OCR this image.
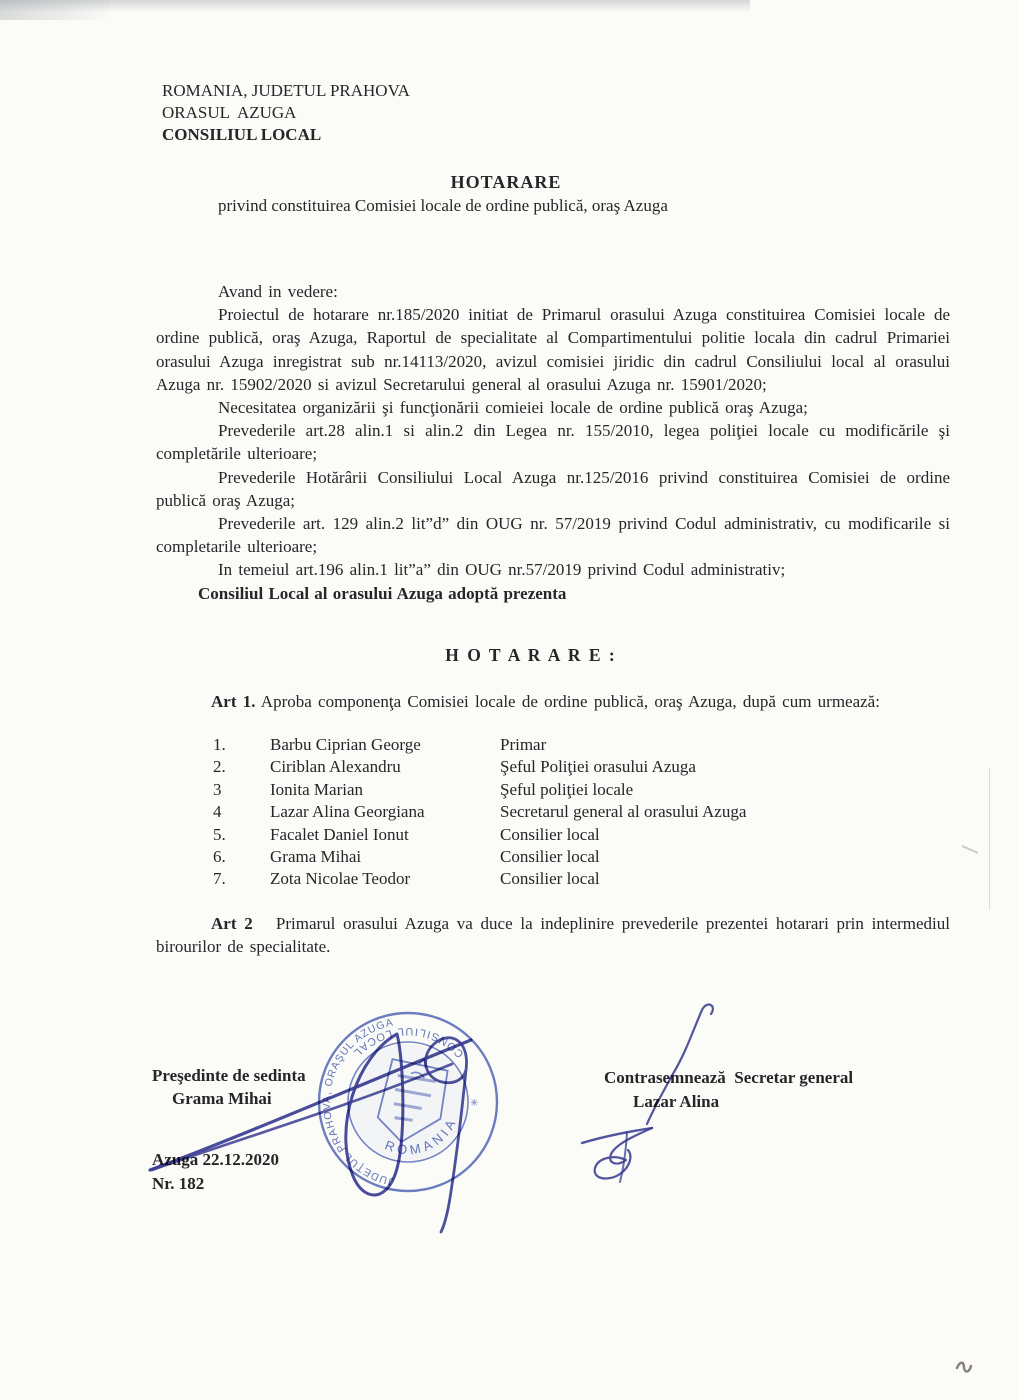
ROMANIA, JUDETUL PRAHOVA
ORASUL  AZUGA
CONSILIUL LOCAL
HOTARARE
privind constituirea Comisiei locale de ordine publică, oraş Azuga

Avand in vedere:

Proiectul de hotarare nr.185/2020 initiat de Primarul orasului Azuga constituirea Comisiei locale de ordine publică, oraş Azuga, Raportul de specialitate al Compartimentului politie locala din cadrul Primariei orasului Azuga inregistrat sub nr.14113/2020, avizul comisiei jiridic din cadrul Consiliului local al orasului Azuga nr. 15902/2020 si avizul Secretarului general al orasului Azuga nr. 15901/2020;

Necesitatea organizării şi funcţionării comieiei locale de ordine publică oraş Azuga;

Prevederile art.28 alin.1 si alin.2 din Legea nr. 155/2010, legea poliţiei locale cu modificările şi completările ulterioare;

Prevederile Hotărârii Consiliului Local Azuga nr.125/2016 privind constituirea Comisiei de ordine publică oraş Azuga;

Prevederile art. 129 alin.2 lit”d” din OUG nr. 57/2019 privind Codul administrativ, cu modificarile si completarile ulterioare;

In temeiul art.196 alin.1 lit”a” din OUG nr.57/2019 privind Codul administrativ;

Consiliul Local al orasului Azuga adoptă prezenta

H O T A R A R E :
Art 1. Aproba componenţa Comisiei locale de ordine publică, oraş Azuga, după cum urmează:
1.	Barbu Ciprian George	Primar
2.	Ciriblan Alexandru	Şeful Poliţiei orasului Azuga
3	Ionita Marian	Şeful poliţiei locale
4	Lazar Alina Georgiana	Secretarul general al orasului Azuga
5.	Facalet Daniel Ionut	Consilier local
6.	Grama Mihai	Consilier local
7.	Zota Nicolae Teodor	Consilier local
Art 2   Primarul orasului Azuga va duce la indeplinire prevederile prezentei hotarari prin intermediul birourilor de specialitate.
Preşedinte de sedinta
Grama Mihai
Contrasemnează  Secretar general
Lazar Alina
Azuga 22.12.2020
Nr. 182
CONSILIUL LOCAL
JUDEŢUL PRAHOVA, ORAŞUL AZUGA
ROMANIA
✳
